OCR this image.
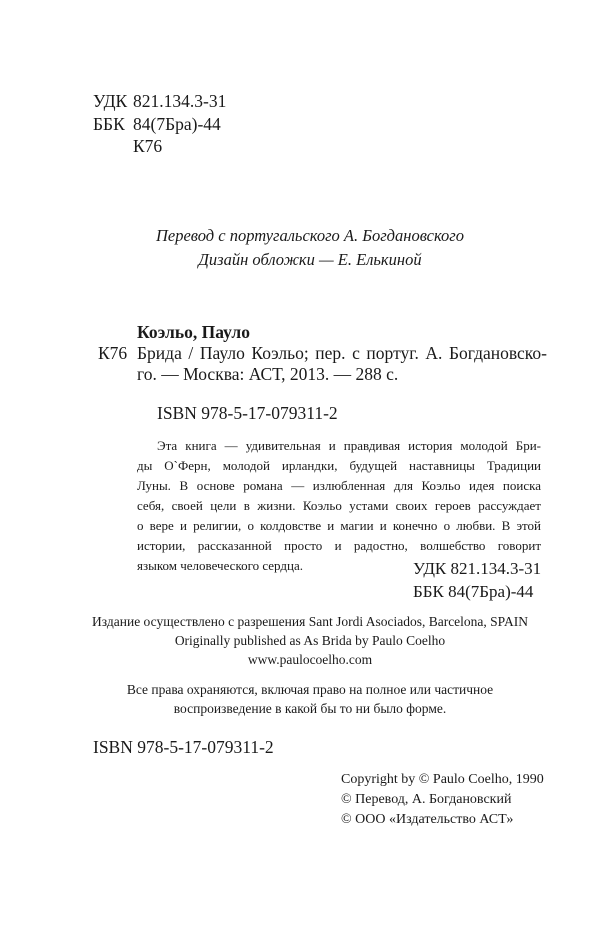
УДК 821.134.3-31
ББК 84(7Бра)-44
К76
Перевод с португальского А. Богдановского
Дизайн обложки — Е. Елькиной
Коэльо, Пауло
К76 Брида / Пауло Коэльо; пер. с португ. А. Богдановско-
го. — Москва: АСТ, 2013. — 288 с.
ISBN 978-5-17-079311-2
Эта книга — удивительная и правдивая история молодой Бри-
ды О`Ферн, молодой ирландки, будущей наставницы Традиции
Луны. В основе романа — излюбленная для Коэльо идея поиска
себя, своей цели в жизни. Коэльо устами своих героев рассуждает
о вере и религии, о колдовстве и магии и конечно о любви. В этой
истории, рассказанной просто и радостно, волшебство говорит
языком человеческого сердца.	УДК 821.134.3-31
ББК 84(7Бра)-44
Издание осуществлено с разрешения Sant Jordi Asociados, Barcelona, SPAIN
Originally published as As Brida by Paulo Coelho
www.paulocoelho.com
Все права охраняются, включая право на полное или частичное
воспроизведение в какой бы то ни было форме.
ISBN 978-5-17-079311-2
Copyright by © Paulo Coelho, 1990
© Перевод, А. Богдановский
© ООО «Издательство АСТ»
